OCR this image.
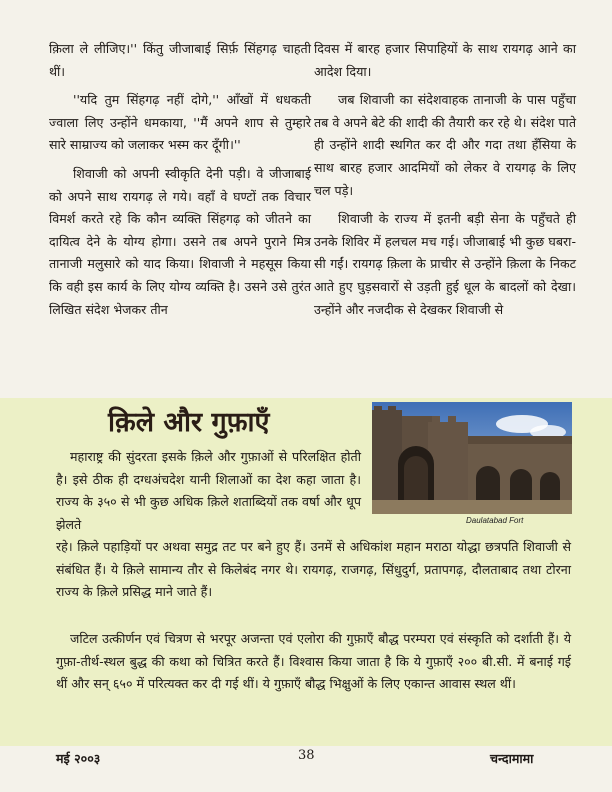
क़िला ले लीजिए।'' किंतु जीजाबाई सिर्फ़ सिंहगढ़ चाहती थीं।

''यदि तुम सिंहगढ़ नहीं दोगे,'' आँखों में धधकती ज्वाला लिए उन्होंने धमकाया, ''मैं अपने शाप से तुम्हारे सारे साम्राज्य को जलाकर भस्म कर दूँगी।''

शिवाजी को अपनी स्वीकृति देनी पड़ी। वे जीजाबाई को अपने साथ रायगढ़ ले गये। वहाँ वे घण्टों तक विचार विमर्श करते रहे कि कौन व्यक्ति सिंहगढ़ को जीतने का दायित्व देने के योग्य होगा। उसने तब अपने पुराने मित्र तानाजी मलुसारे को याद किया। शिवाजी ने महसूस किया कि वही इस कार्य के लिए योग्य व्यक्ति है। उसने उसे तुरंत लिखित संदेश भेजकर तीन

दिवस में बारह हजार सिपाहियों के साथ रायगढ़ आने का आदेश दिया।

जब शिवाजी का संदेशवाहक तानाजी के पास पहुँचा तब वे अपने बेटे की शादी की तैयारी कर रहे थे। संदेश पाते ही उन्होंने शादी स्थगित कर दी और गदा तथा हँसिया के साथ बारह हजार आदमियों को लेकर वे रायगढ़ के लिए चल पड़े।

शिवाजी के राज्य में इतनी बड़ी सेना के पहुँचते ही उनके शिविर में हलचल मच गई। जीजाबाई भी कुछ घबरा-सी गईं। रायगढ़ क़िला के प्राचीर से उन्होंने क़िला के निकट आते हुए घुड़सवारों से उड़ती हुई धूल के बादलों को देखा। उन्होंने और नजदीक से देखकर शिवाजी से

क़िले और गुफ़ाएँ
Daulatabad Fort

महाराष्ट्र की सुंदरता इसके क़िले और गुफ़ाओं से परिलक्षित होती है। इसे ठीक ही दग्धअंचदेश यानी शिलाओं का देश कहा जाता है। राज्य के ३५० से भी कुछ अधिक क़िले शताब्दियों तक वर्षा और धूप झेलते

रहे। क़िले पहाड़ियों पर अथवा समुद्र तट पर बने हुए हैं। उनमें से अधिकांश महान मराठा योद्धा छत्रपति शिवाजी से संबंधित हैं। ये क़िले सामान्य तौर से किलेबंद नगर थे। रायगढ़, राजगढ़, सिंधुदुर्ग, प्रतापगढ़, दौलताबाद तथा टोरना राज्य के क़िले प्रसिद्ध माने जाते हैं।

जटिल उत्कीर्णन एवं चित्रण से भरपूर अजन्ता एवं एलोरा की गुफ़ाएँ बौद्ध परम्परा एवं संस्कृति को दर्शाती हैं। ये गुफ़ा-तीर्थ-स्थल बुद्ध की कथा को चित्रित करते हैं। विश्वास किया जाता है कि ये गुफ़ाएँ २०० बी.सी. में बनाई गई थीं और सन् ६५० में परित्यक्त कर दी गई थीं। ये गुफ़ाएँ बौद्ध भिक्षुओं के लिए एकान्त आवास स्थल थीं।

मई २००३	38	चन्दामामा
